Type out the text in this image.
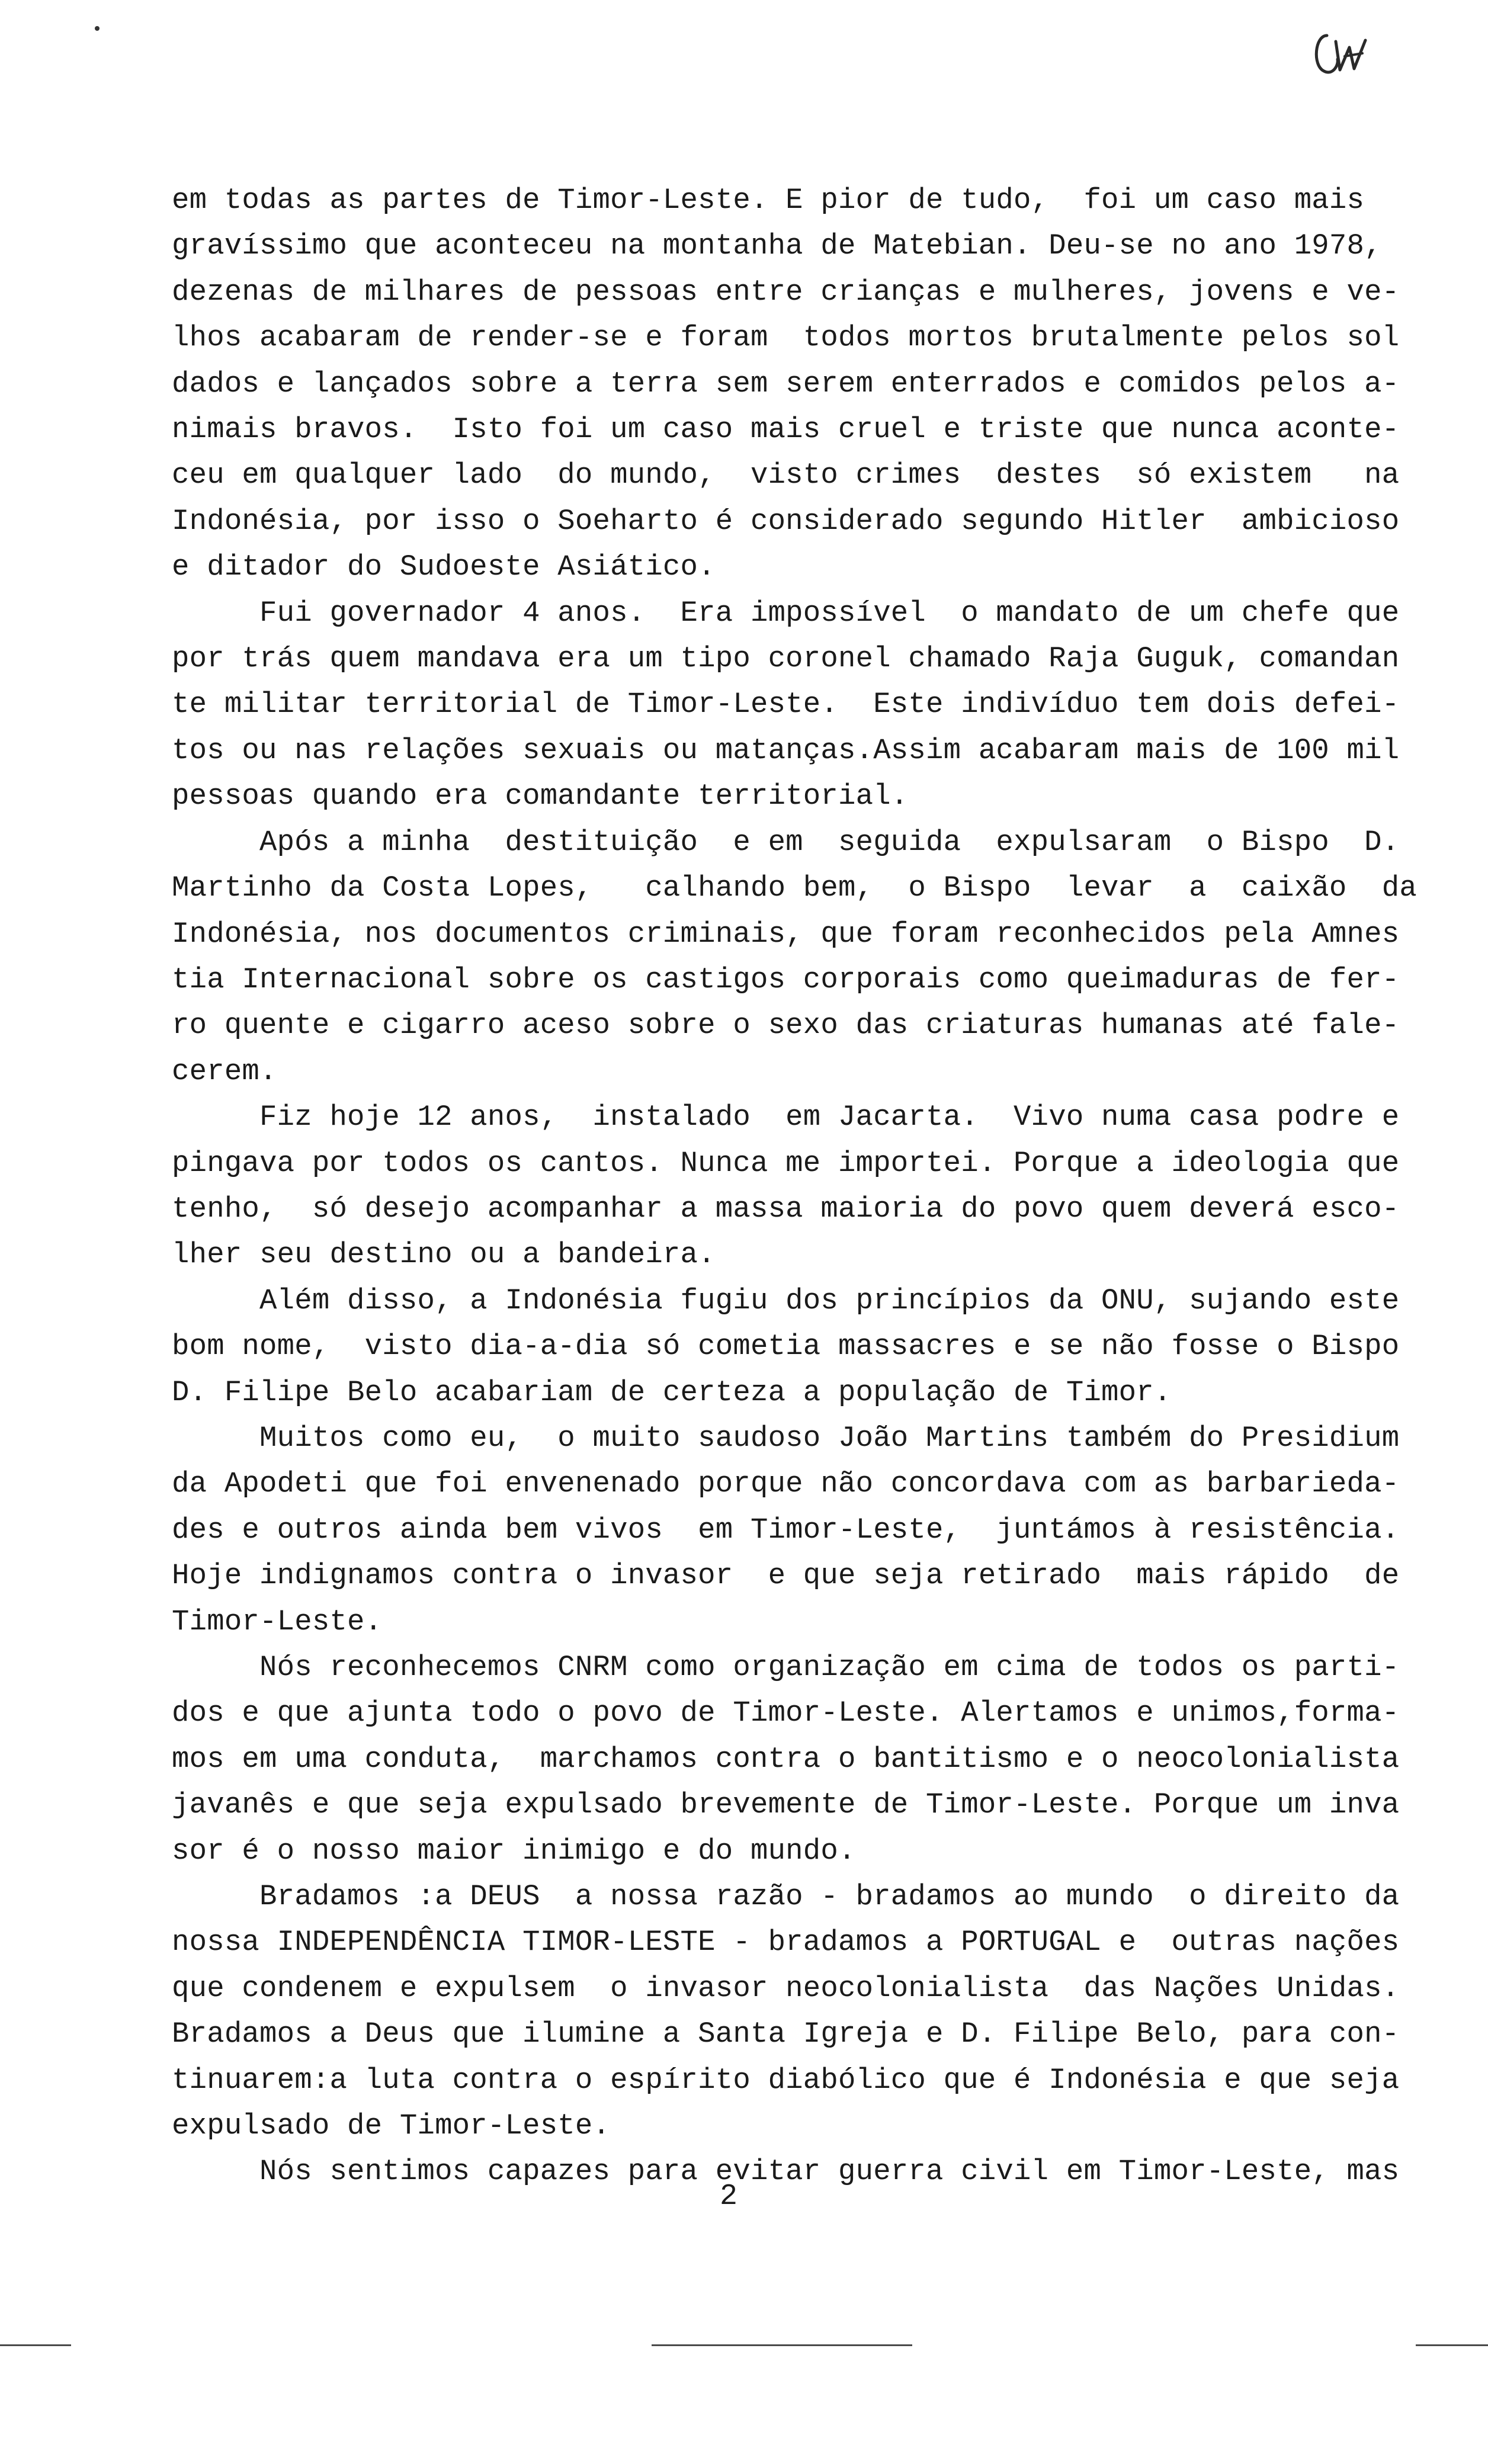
em todas as partes de Timor-Leste. E pior de tudo,  foi um caso mais
gravíssimo que aconteceu na montanha de Matebian. Deu-se no ano 1978,
dezenas de milhares de pessoas entre crianças e mulheres, jovens e ve-
lhos acabaram de render-se e foram  todos mortos brutalmente pelos sol
dados e lançados sobre a terra sem serem enterrados e comidos pelos a-
nimais bravos.  Isto foi um caso mais cruel e triste que nunca aconte-
ceu em qualquer lado  do mundo,  visto crimes  destes  só existem   na
Indonésia, por isso o Soeharto é considerado segundo Hitler  ambicioso
e ditador do Sudoeste Asiático.
Fui governador 4 anos.  Era impossível  o mandato de um chefe que
por trás quem mandava era um tipo coronel chamado Raja Guguk, comandan
te militar territorial de Timor-Leste.  Este indivíduo tem dois defei-
tos ou nas relações sexuais ou matanças.Assim acabaram mais de 100 mil
pessoas quando era comandante territorial.
Após a minha  destituição  e em  seguida  expulsaram  o Bispo  D.
Martinho da Costa Lopes,   calhando bem,  o Bispo  levar  a  caixão  da
Indonésia, nos documentos criminais, que foram reconhecidos pela Amnes
tia Internacional sobre os castigos corporais como queimaduras de fer-
ro quente e cigarro aceso sobre o sexo das criaturas humanas até fale-
cerem.
Fiz hoje 12 anos,  instalado  em Jacarta.  Vivo numa casa podre e
pingava por todos os cantos. Nunca me importei. Porque a ideologia que
tenho,  só desejo acompanhar a massa maioria do povo quem deverá esco-
lher seu destino ou a bandeira.
Além disso, a Indonésia fugiu dos princípios da ONU, sujando este
bom nome,  visto dia-a-dia só cometia massacres e se não fosse o Bispo
D. Filipe Belo acabariam de certeza a população de Timor.
Muitos como eu,  o muito saudoso João Martins também do Presidium
da Apodeti que foi envenenado porque não concordava com as barbarieda-
des e outros ainda bem vivos  em Timor-Leste,  juntámos à resistência.
Hoje indignamos contra o invasor  e que seja retirado  mais rápido  de
Timor-Leste.
Nós reconhecemos CNRM como organização em cima de todos os parti-
dos e que ajunta todo o povo de Timor-Leste. Alertamos e unimos,forma-
mos em uma conduta,  marchamos contra o bantitismo e o neocolonialista
javanês e que seja expulsado brevemente de Timor-Leste. Porque um inva
sor é o nosso maior inimigo e do mundo.
Bradamos :a DEUS  a nossa razão - bradamos ao mundo  o direito da
nossa INDEPENDÊNCIA TIMOR-LESTE - bradamos a PORTUGAL e  outras nações
que condenem e expulsem  o invasor neocolonialista  das Nações Unidas.
Bradamos a Deus que ilumine a Santa Igreja e D. Filipe Belo, para con-
tinuarem:a luta contra o espírito diabólico que é Indonésia e que seja
expulsado de Timor-Leste.
Nós sentimos capazes para evitar guerra civil em Timor-Leste, mas
2
